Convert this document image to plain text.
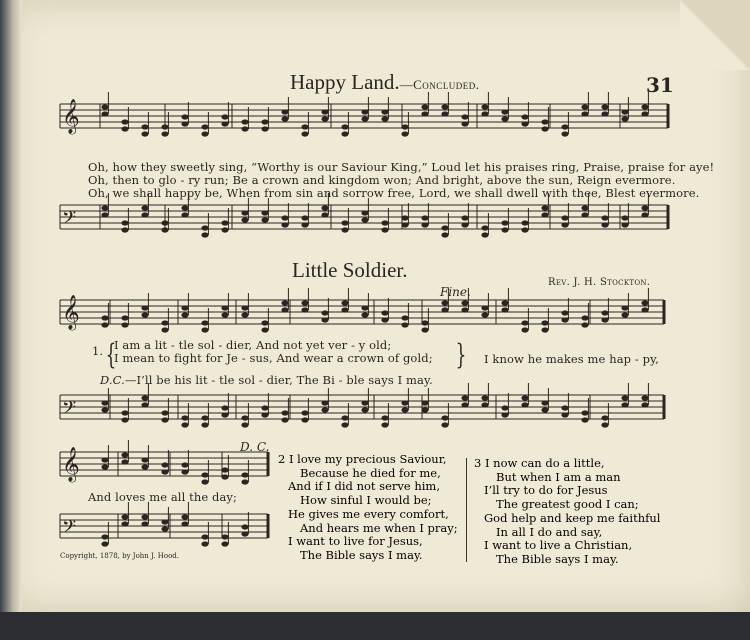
𝄞
𝄢
𝄞
𝄢
𝄞
𝄢
Happy Land.—Concluded.	31
Oh, how they sweetly sing, “Worthy is our Saviour King,” Loud let his praises ring, Praise, praise for aye!
Oh, then to glo - ry run; Be a crown and kingdom won; And bright, above the sun, Reign evermore.
Oh, we shall happy be, When from sin and sorrow free, Lord, we shall dwell with thee, Blest evermore.
Little Soldier.
Rev. J. H. Stockton.
Fine.
1. {
I am a lit - tle sol - dier, And not yet ver - y old;
I mean to fight for Je - sus, And wear a crown of gold; } I know he makes me hap - py,
D.C.—I’ll be his lit - tle sol - dier, The Bi - ble says I may.
D. C.
And loves me all the day;
Copyright, 1878, by John J. Hood.
2 I love my precious Saviour,
Because he died for me,
And if I did not serve him,
How sinful I would be;
He gives me every comfort,
And hears me when I pray;
I want to live for Jesus,
The Bible says I may.
3 I now can do a little,
But when I am a man
I’ll try to do for Jesus
The greatest good I can;
God help and keep me faithful
In all I do and say,
I want to live a Christian,
The Bible says I may.
